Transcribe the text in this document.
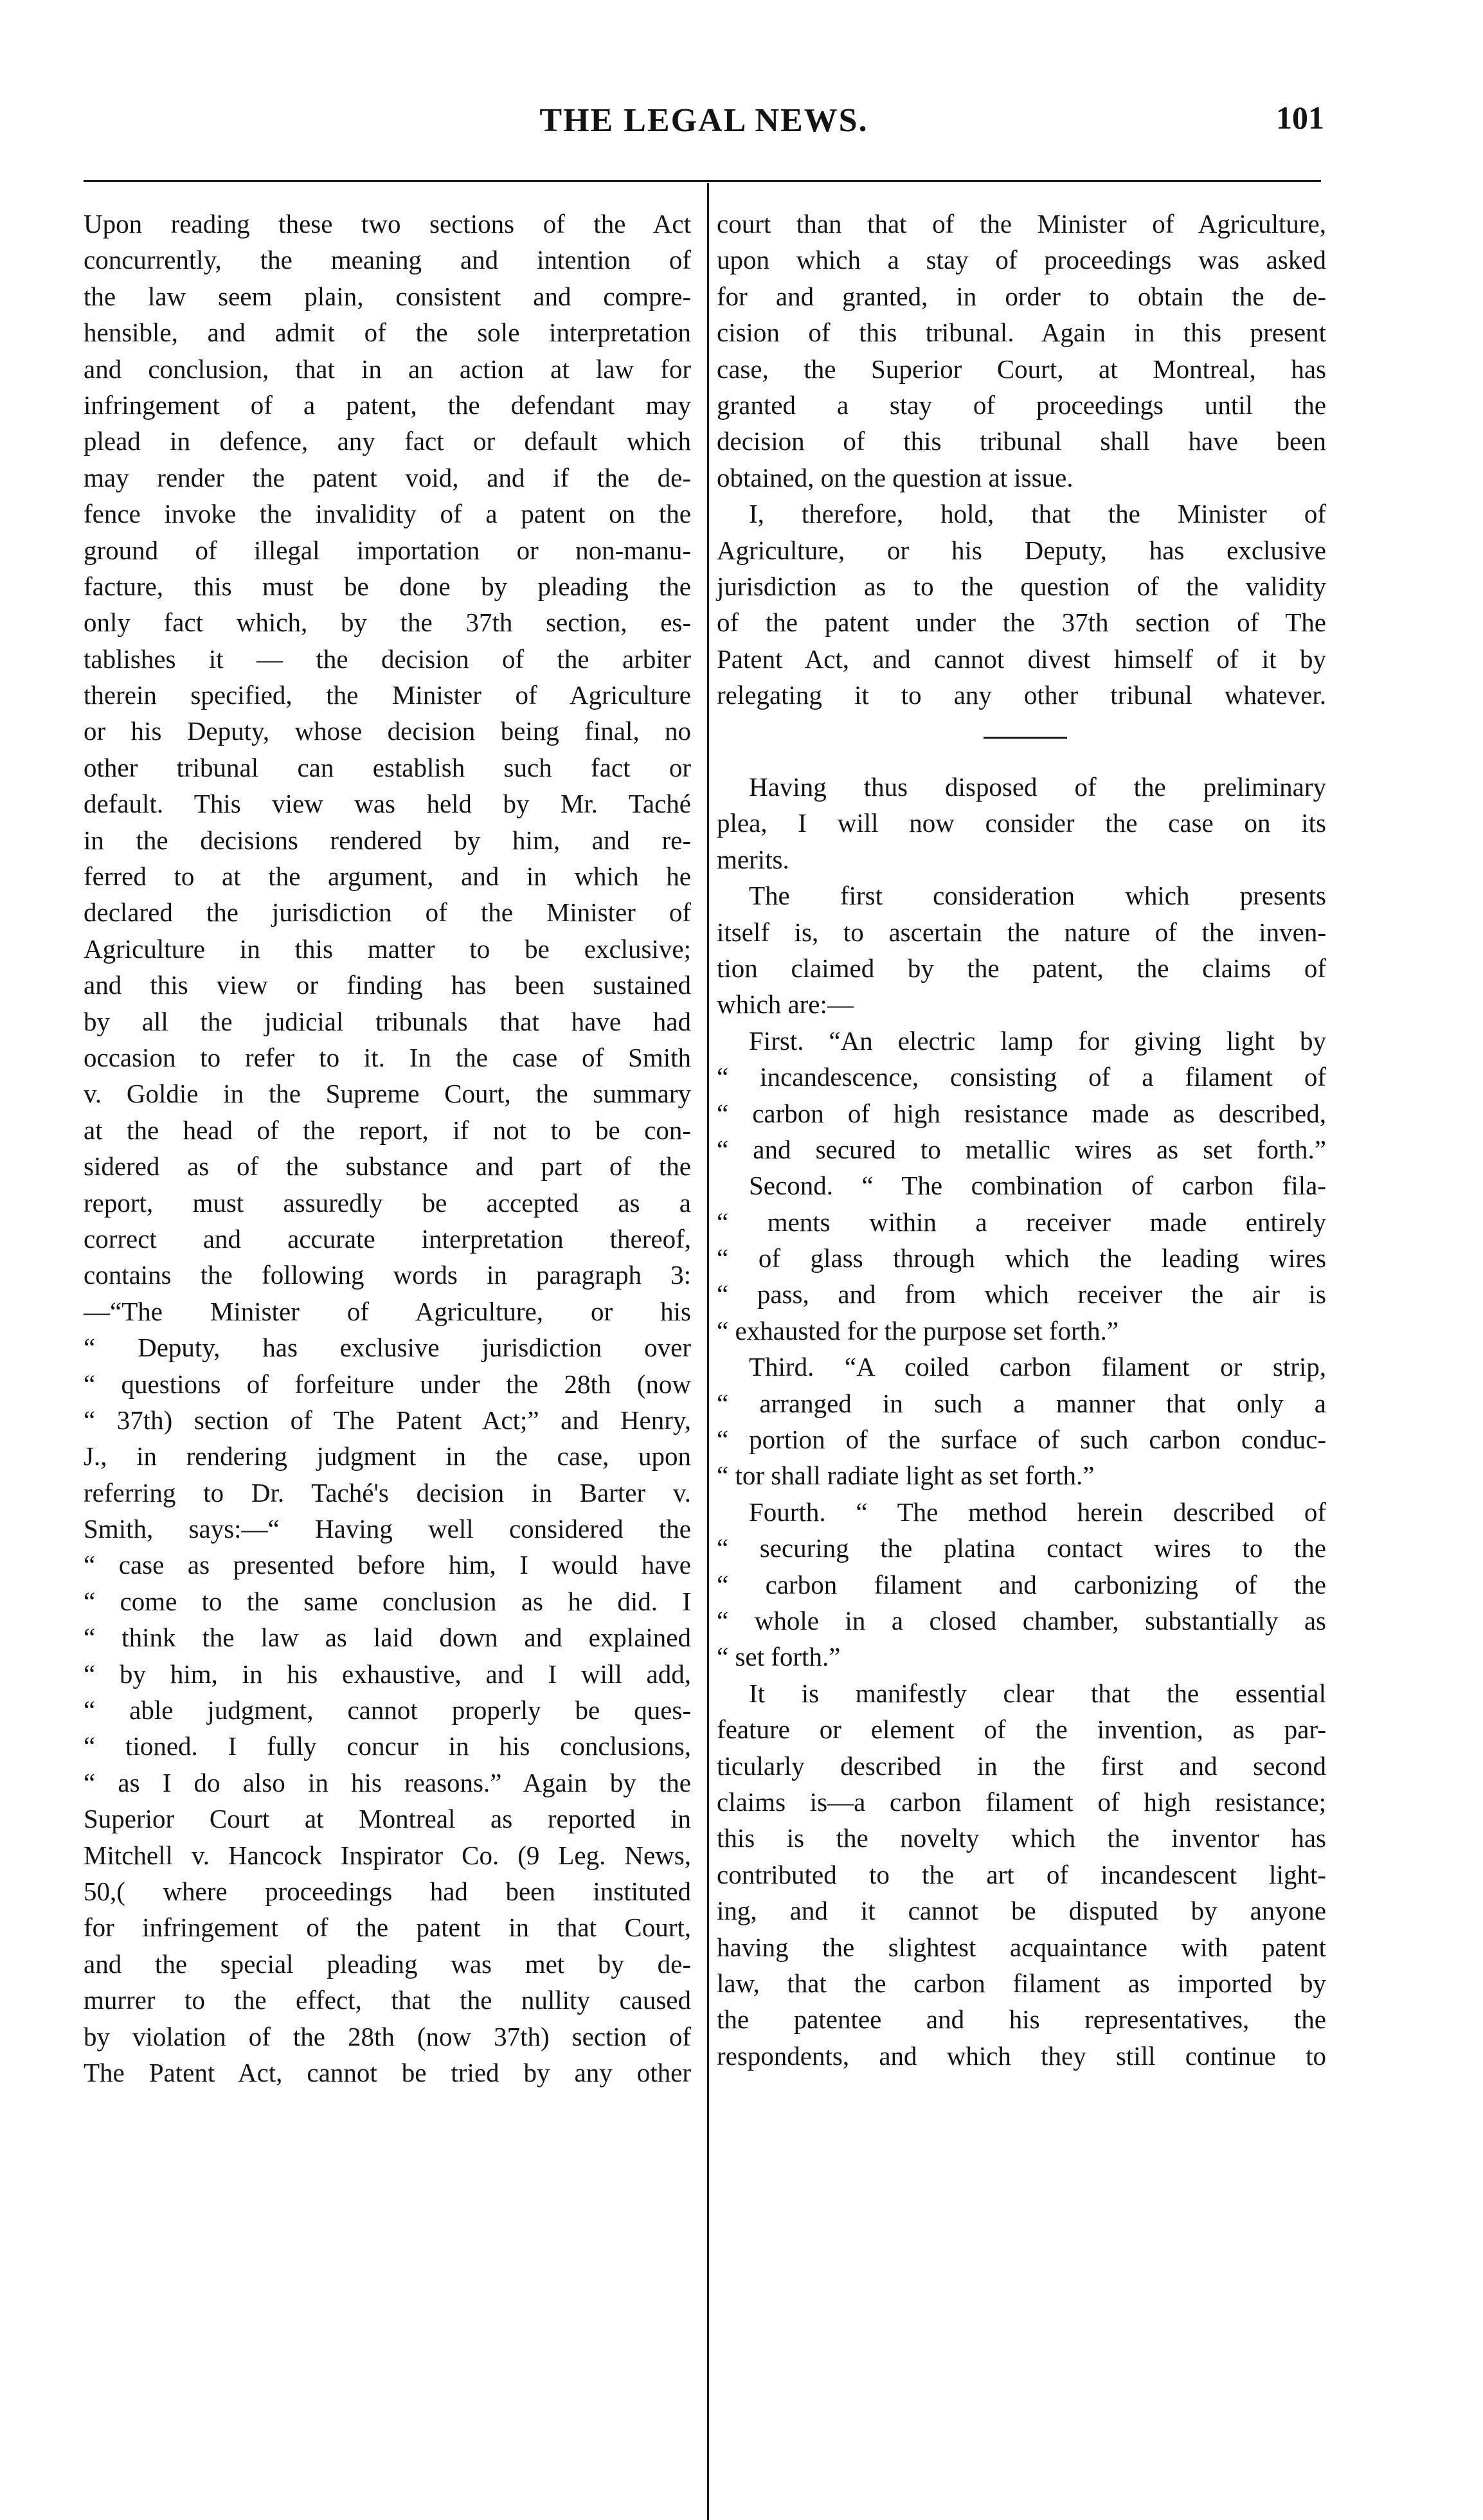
THE LEGAL NEWS.	101
Upon reading these two sections of the Act
concurrently, the meaning and intention of
the law seem plain, consistent and compre-
hensible, and admit of the sole interpretation
and conclusion, that in an action at law for
infringement of a patent, the defendant may
plead in defence, any fact or default which
may render the patent void, and if the de-
fence invoke the invalidity of a patent on the
ground of illegal importation or non-manu-
facture, this must be done by pleading the
only fact which, by the 37th section, es-
tablishes it — the decision of the arbiter
therein specified, the Minister of Agriculture
or his Deputy, whose decision being final, no
other tribunal can establish such fact or
default. This view was held by Mr. Taché
in the decisions rendered by him, and re-
ferred to at the argument, and in which he
declared the jurisdiction of the Minister of
Agriculture in this matter to be exclusive;
and this view or finding has been sustained
by all the judicial tribunals that have had
occasion to refer to it. In the case of Smith
v. Goldie in the Supreme Court, the summary
at the head of the report, if not to be con-
sidered as of the substance and part of the
report, must assuredly be accepted as a
correct and accurate interpretation thereof,
contains the following words in paragraph 3:
—“The Minister of Agriculture, or his
“ Deputy, has exclusive jurisdiction over
“ questions of forfeiture under the 28th (now
“ 37th) section of The Patent Act;” and Henry,
J., in rendering judgment in the case, upon
referring to Dr. Taché's decision in Barter v.
Smith, says:—“ Having well considered the
“ case as presented before him, I would have
“ come to the same conclusion as he did. I
“ think the law as laid down and explained
“ by him, in his exhaustive, and I will add,
“ able judgment, cannot properly be ques-
“ tioned. I fully concur in his conclusions,
“ as I do also in his reasons.” Again by the
Superior Court at Montreal as reported in
Mitchell v. Hancock Inspirator Co. (9 Leg. News,
50,( where proceedings had been instituted
for infringement of the patent in that Court,
and the special pleading was met by de-
murrer to the effect, that the nullity caused
by violation of the 28th (now 37th) section of
The Patent Act, cannot be tried by any other
court than that of the Minister of Agriculture,
upon which a stay of proceedings was asked
for and granted, in order to obtain the de-
cision of this tribunal. Again in this present
case, the Superior Court, at Montreal, has
granted a stay of proceedings until the
decision of this tribunal shall have been
obtained, on the question at issue.
I, therefore, hold, that the Minister of
Agriculture, or his Deputy, has exclusive
jurisdiction as to the question of the validity
of the patent under the 37th section of The
Patent Act, and cannot divest himself of it by
relegating it to any other tribunal whatever.
Having thus disposed of the preliminary
plea, I will now consider the case on its
merits.
The first consideration which presents
itself is, to ascertain the nature of the inven-
tion claimed by the patent, the claims of
which are:—
First. “An electric lamp for giving light by
“ incandescence, consisting of a filament of
“ carbon of high resistance made as described,
“ and secured to metallic wires as set forth.”
Second. “ The combination of carbon fila-
“ ments within a receiver made entirely
“ of glass through which the leading wires
“ pass, and from which receiver the air is
“ exhausted for the purpose set forth.”
Third. “A coiled carbon filament or strip,
“ arranged in such a manner that only a
“ portion of the surface of such carbon conduc-
“ tor shall radiate light as set forth.”
Fourth. “ The method herein described of
“ securing the platina contact wires to the
“ carbon filament and carbonizing of the
“ whole in a closed chamber, substantially as
“ set forth.”
It is manifestly clear that the essential
feature or element of the invention, as par-
ticularly described in the first and second
claims is—a carbon filament of high resistance;
this is the novelty which the inventor has
contributed to the art of incandescent light-
ing, and it cannot be disputed by anyone
having the slightest acquaintance with patent
law, that the carbon filament as imported by
the patentee and his representatives, the
respondents, and which they still continue to
